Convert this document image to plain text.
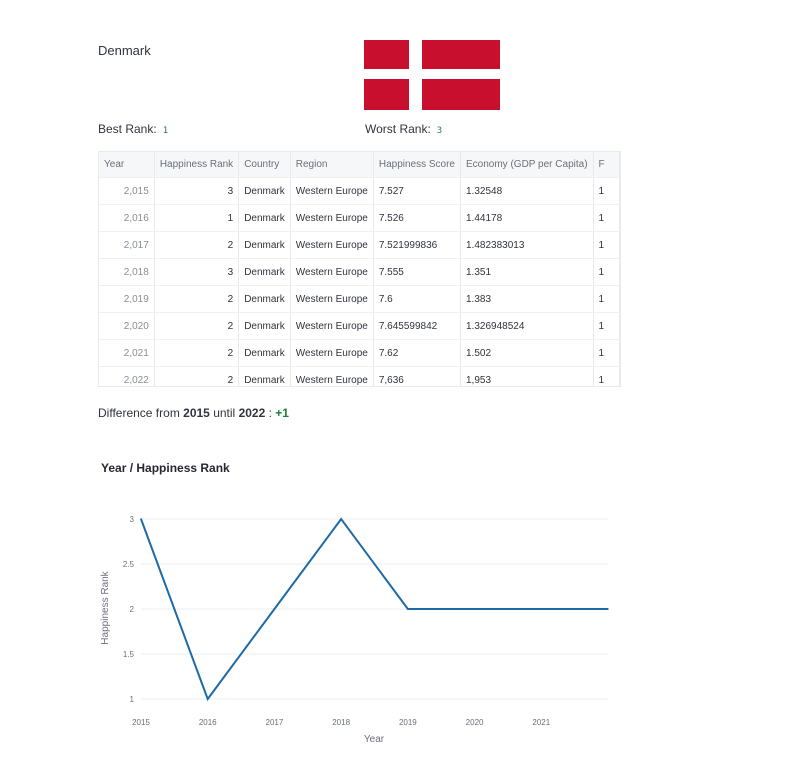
Denmark
Best Rank: 1	Worst Rank: 3
Year	Happiness Rank	Country	Region	Happiness Score	Economy (GDP per Capita)	F
2,015	3	Denmark	Western Europe	7.527	1.32548	1
2,016	1	Denmark	Western Europe	7.526	1.44178	1
2,017	2	Denmark	Western Europe	7.521999836	1.482383013	1
2,018	3	Denmark	Western Europe	7.555	1.351	1
2,019	2	Denmark	Western Europe	7.6	1.383	1
2,020	2	Denmark	Western Europe	7.645599842	1.326948524	1
2,021	2	Denmark	Western Europe	7.62	1.502	1
2,022	2	Denmark	Western Europe	7,636	1,953	1
Difference from 2015 until 2022 : +1
Year / Happiness Rank
1
1.5
2
2.5
3
2015	2016	2017	2018	2019	2020	2021
Year
Happiness Rank
